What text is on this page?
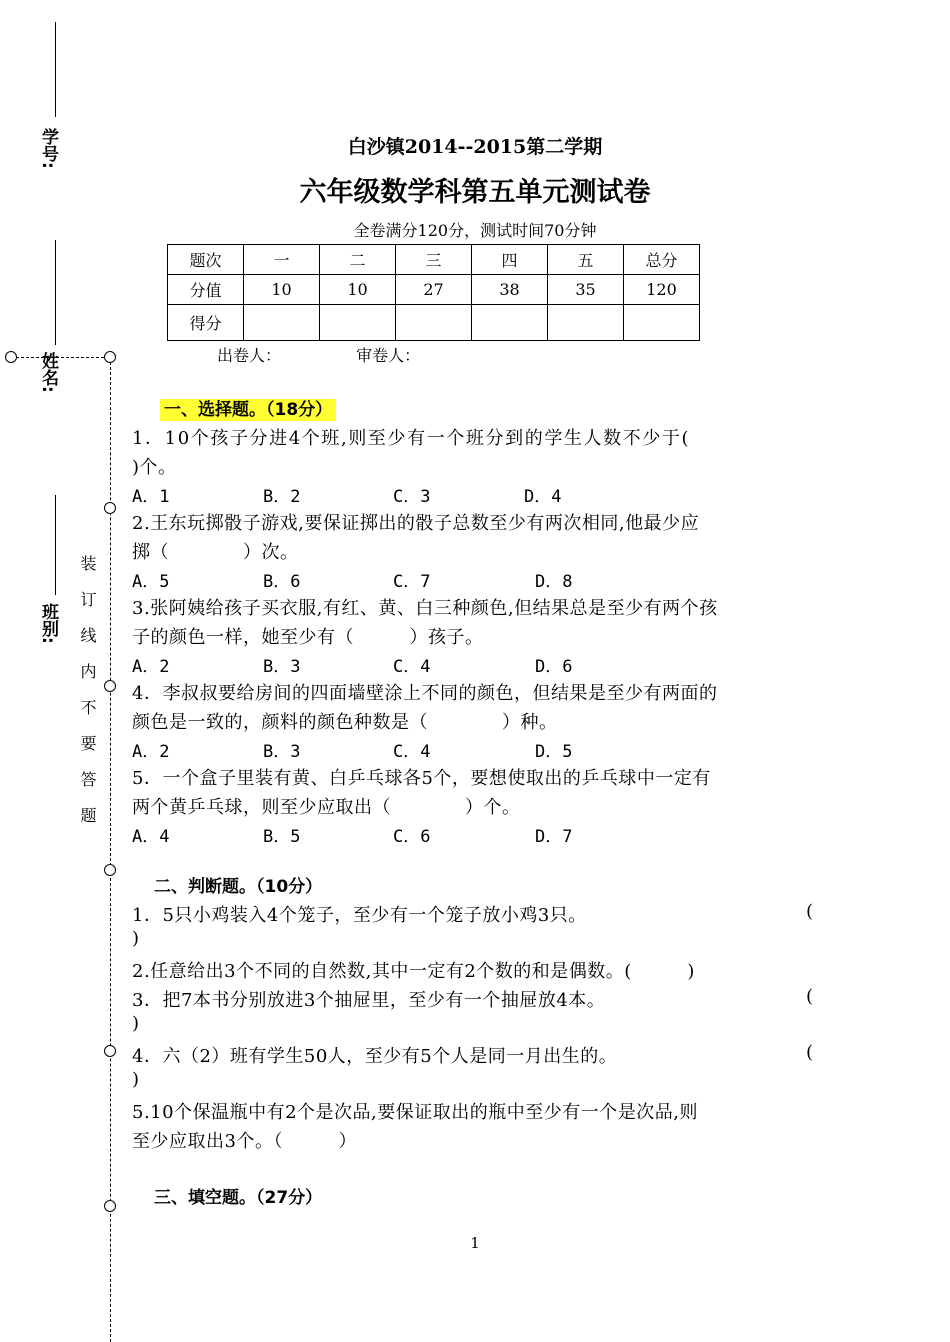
学号:
姓名:
班别: 装订线内不要答题
白沙镇2014--2015第二学期
六年级数学科第五单元测试卷
全卷满分120分，测试时间70分钟
题次	一	二	三	四	五	总分
分值	10	10	27	38	35	120
得分						
出卷人：	审卷人：
一、选择题。（18分）
1．10个孩子分进4个班,则至少有一个班分到的学生人数不少于(
)个。
A．1	B．2	C．3	D．4
2.王东玩掷骰子游戏,要保证掷出的骰子总数至少有两次相同,他最少应
掷（　　　　）次。
A．5	B．6	C．7	D．8
3.张阿姨给孩子买衣服,有红、黄、白三种颜色,但结果总是至少有两个孩
子的颜色一样，她至少有（　　　）孩子。
A．2	B．3	C．4	D．6
4．李叔叔要给房间的四面墙壁涂上不同的颜色，但结果是至少有两面的
颜色是一致的，颜料的颜色种数是（　　　　）种。
A．2	B．3	C．4	D．5
5．一个盒子里装有黄、白乒乓球各5个，要想使取出的乒乓球中一定有
两个黄乒乓球，则至少应取出（　　　　）个。
A．4	B．5	C．6	D．7
二、判断题。（10分）
1．5只小鸡装入4个笼子，至少有一个笼子放小鸡3只。	(
)
2.任意给出3个不同的自然数,其中一定有2个数的和是偶数。(　　　)
3．把7本书分别放进3个抽屉里，至少有一个抽屉放4本。	(
)
4．六（2）班有学生50人，至少有5个人是同一月出生的。	(
)
5.10个保温瓶中有2个是次品,要保证取出的瓶中至少有一个是次品,则
至少应取出3个。（　　　）
三、填空题。（27分）
1
